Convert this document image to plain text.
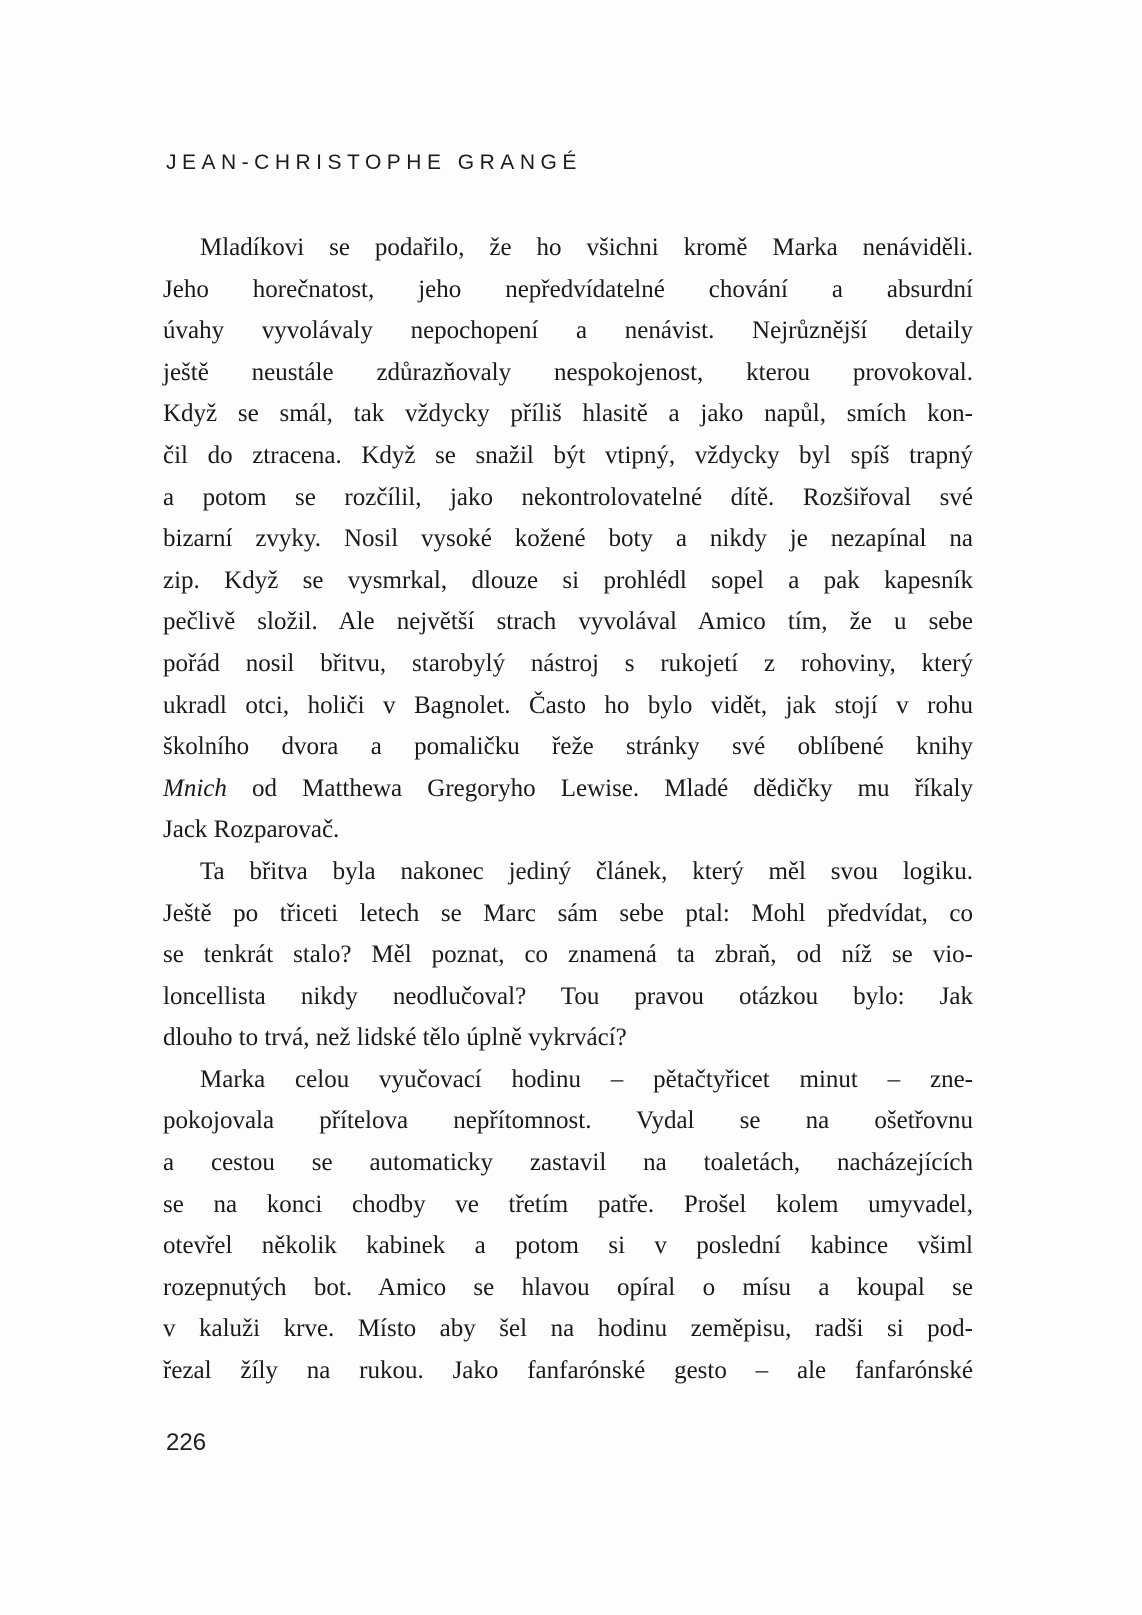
JEAN-CHRISTOPHE GRANGÉ
Mladíkovi se podařilo, že ho všichni kromě Marka nenáviděli.
Jeho horečnatost, jeho nepředvídatelné chování a absurdní
úvahy vyvolávaly nepochopení a nenávist. Nejrůznější detaily
ještě neustále zdůrazňovaly nespokojenost, kterou provokoval.
Když se smál, tak vždycky příliš hlasitě a jako napůl, smích kon-
čil do ztracena. Když se snažil být vtipný, vždycky byl spíš trapný
a potom se rozčílil, jako nekontrolovatelné dítě. Rozšiřoval své
bizarní zvyky. Nosil vysoké kožené boty a nikdy je nezapínal na
zip. Když se vysmrkal, dlouze si prohlédl sopel a pak kapesník
pečlivě složil. Ale největší strach vyvolával Amico tím, že u sebe
pořád nosil břitvu, starobylý nástroj s rukojetí z rohoviny, který
ukradl otci, holiči v Bagnolet. Často ho bylo vidět, jak stojí v rohu
školního dvora a pomaličku řeže stránky své oblíbené knihy
Mnich od Matthewa Gregoryho Lewise. Mladé dědičky mu říkaly
Jack Rozparovač.
Ta břitva byla nakonec jediný článek, který měl svou logiku.
Ještě po třiceti letech se Marc sám sebe ptal: Mohl předvídat, co
se tenkrát stalo? Měl poznat, co znamená ta zbraň, od níž se vio-
loncellista nikdy neodlučoval? Tou pravou otázkou bylo: Jak
dlouho to trvá, než lidské tělo úplně vykrvácí?
Marka celou vyučovací hodinu – pětačtyřicet minut – zne-
pokojovala přítelova nepřítomnost. Vydal se na ošetřovnu
a cestou se automaticky zastavil na toaletách, nacházejících
se na konci chodby ve třetím patře. Prošel kolem umyvadel,
otevřel několik kabinek a potom si v poslední kabince všiml
rozepnutých bot. Amico se hlavou opíral o mísu a koupal se
v kaluži krve. Místo aby šel na hodinu zeměpisu, radši si pod-
řezal žíly na rukou. Jako fanfarónské gesto – ale fanfarónské
226
